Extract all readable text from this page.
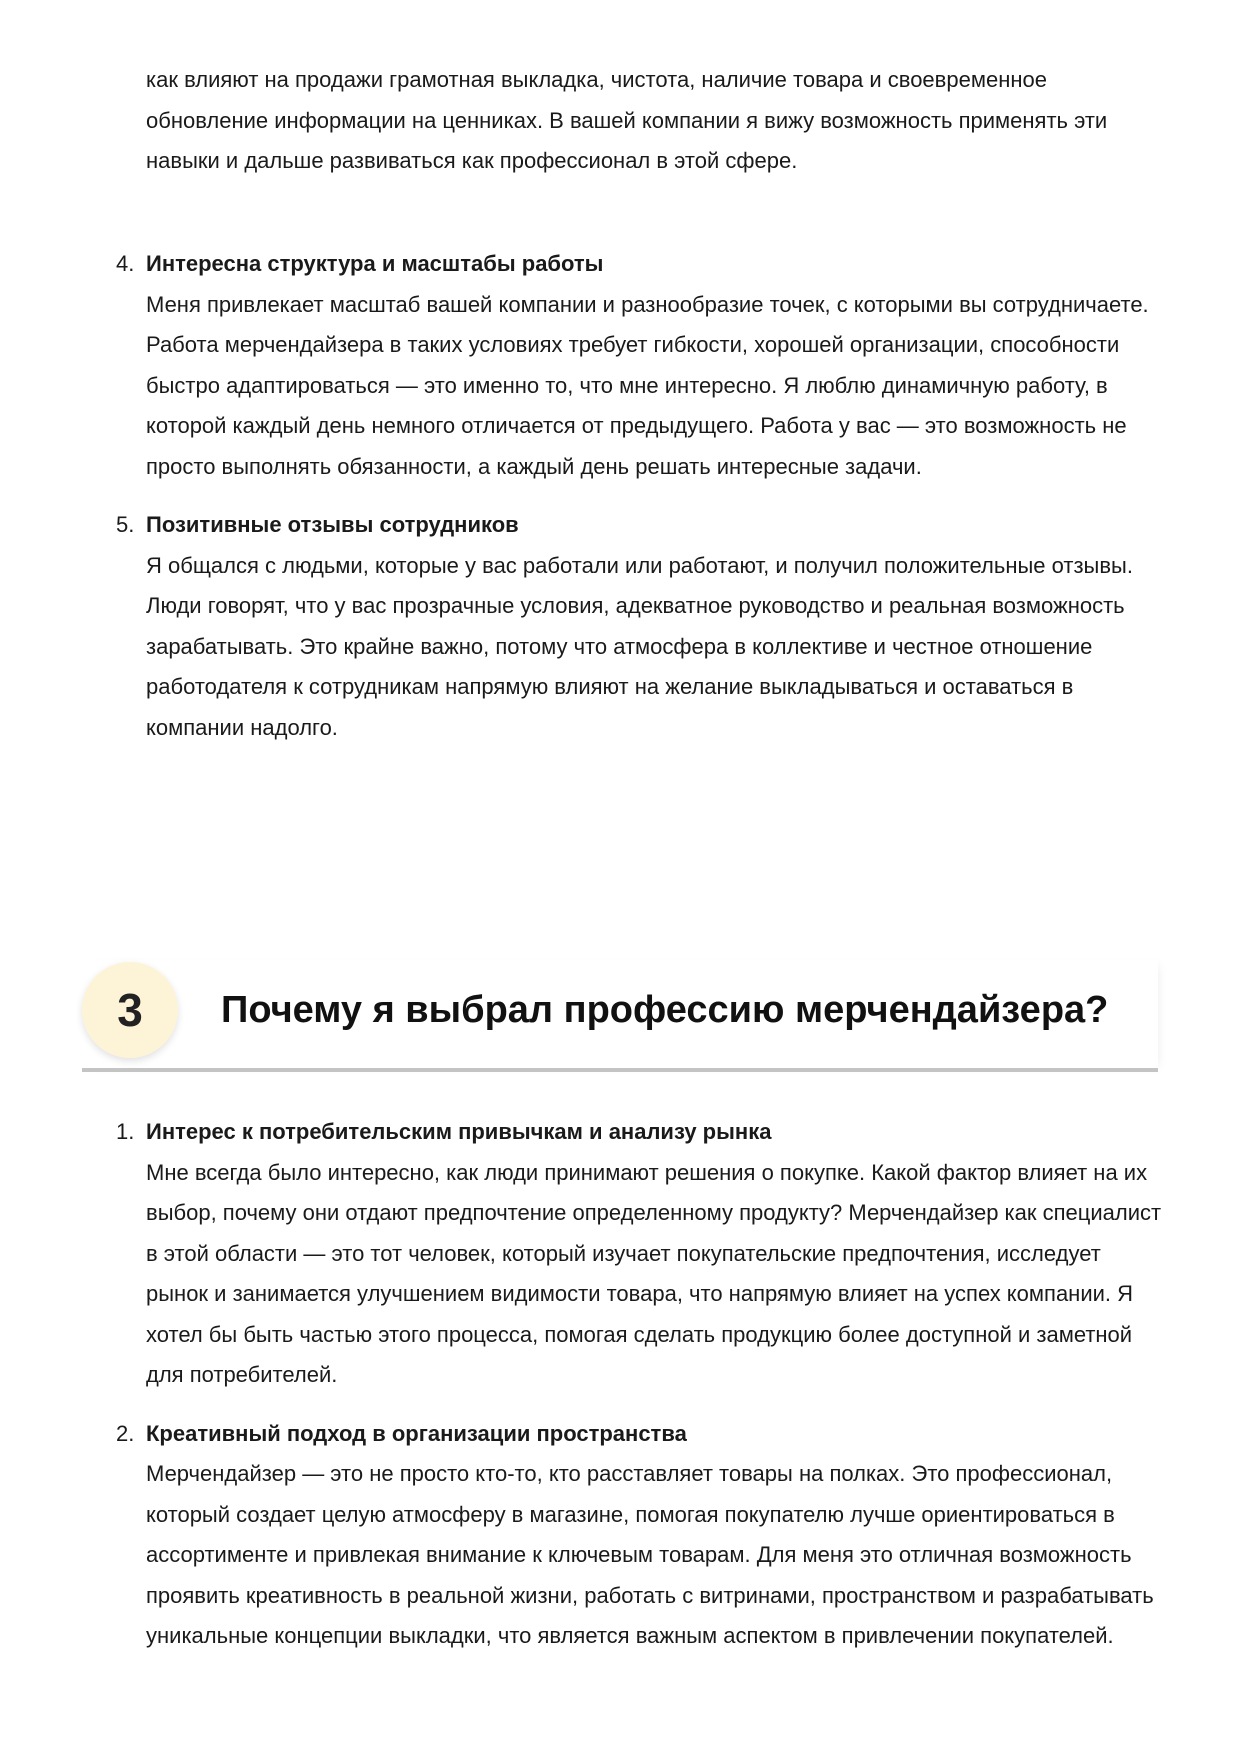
как влияют на продажи грамотная выкладка, чистота, наличие товара и своевременное обновление информации на ценниках. В вашей компании я вижу возможность применять эти навыки и дальше развиваться как профессионал в этой сфере.

4. Интересна структура и масштабы работы

Меня привлекает масштаб вашей компании и разнообразие точек, с которыми вы сотрудничаете. Работа мерчендайзера в таких условиях требует гибкости, хорошей организации, способности быстро адаптироваться — это именно то, что мне интересно. Я люблю динамичную работу, в которой каждый день немного отличается от предыдущего. Работа у вас — это возможность не просто выполнять обязанности, а каждый день решать интересные задачи.

5. Позитивные отзывы сотрудников

Я общался с людьми, которые у вас работали или работают, и получил положительные отзывы. Люди говорят, что у вас прозрачные условия, адекватное руководство и реальная возможность зарабатывать. Это крайне важно, потому что атмосфера в коллективе и честное отношение работодателя к сотрудникам напрямую влияют на желание выкладываться и оставаться в компании надолго.

3	Почему я выбрал профессию мерчендайзера?
1. Интерес к потребительским привычкам и анализу рынка

Мне всегда было интересно, как люди принимают решения о покупке. Какой фактор влияет на их выбор, почему они отдают предпочтение определенному продукту? Мерчендайзер как специалист в этой области — это тот человек, который изучает покупательские предпочтения, исследует рынок и занимается улучшением видимости товара, что напрямую влияет на успех компании. Я хотел бы быть частью этого процесса, помогая сделать продукцию более доступной и заметной для потребителей.

2. Креативный подход в организации пространства

Мерчендайзер — это не просто кто-то, кто расставляет товары на полках. Это профессионал, который создает целую атмосферу в магазине, помогая покупателю лучше ориентироваться в ассортименте и привлекая внимание к ключевым товарам. Для меня это отличная возможность проявить креативность в реальной жизни, работать с витринами, пространством и разрабатывать уникальные концепции выкладки, что является важным аспектом в привлечении покупателей.
